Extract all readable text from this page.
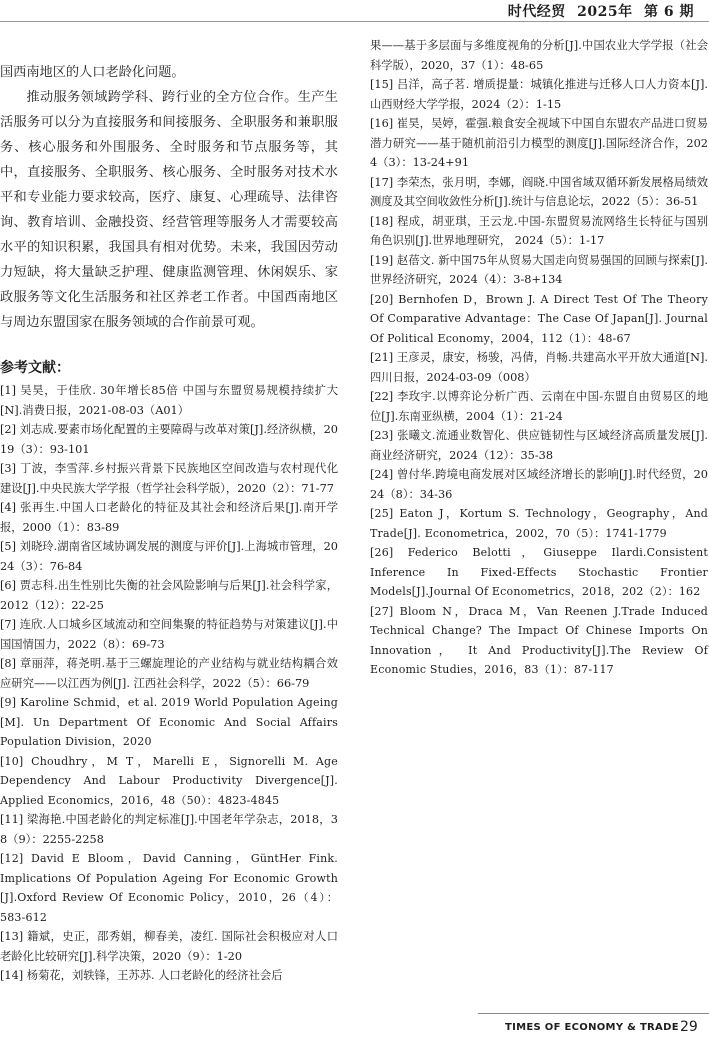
时代经贸 2025年 第 6 期

国西南地区的人口老龄化问题。

推动服务领域跨学科、跨行业的全方位合作。生产生活服务可以分为直接服务和间接服务、全职服务和兼职服务、核心服务和外围服务、全时服务和节点服务等，其中，直接服务、全职服务、核心服务、全时服务对技术水平和专业能力要求较高，医疗、康复、心理疏导、法律咨询、教育培训、金融投资、经营管理等服务人才需要较高水平的知识积累，我国具有相对优势。未来，我国因劳动力短缺，将大量缺乏护理、健康监测管理、休闲娱乐、家政服务等文化生活服务和社区养老工作者。中国西南地区与周边东盟国家在服务领域的合作前景可观。

参考文献：

[1] 吴昊，于佳欣. 30年增长85倍 中国与东盟贸易规模持续扩大[N].消费日报，2021-08-03（A01）

[2] 刘志成.要素市场化配置的主要障碍与改革对策[J].经济纵横，2019（3）：93-101

[3] 丁波，李雪萍.乡村振兴背景下民族地区空间改造与农村现代化建设[J].中央民族大学学报（哲学社会科学版），2020（2）：71-77

[4] 张再生.中国人口老龄化的特征及其社会和经济后果[J].南开学报，2000（1）：83-89

[5] 刘晓玲.湖南省区域协调发展的测度与评价[J].上海城市管理，2024（3）：76-84

[6] 贾志科.出生性别比失衡的社会风险影响与后果[J].社会科学家，2012（12）：22-25

[7] 连欣.人口城乡区域流动和空间集聚的特征趋势与对策建议[J].中国国情国力，2022（8）：69-73

[8] 章丽萍，蒋尧明.基于三螺旋理论的产业结构与就业结构耦合效应研究——以江西为例[J]. 江西社会科学，2022（5）：66-79

[9] Karoline Schmid，et al. 2019 World Population Ageing [M]. Un Department Of Economic And Social Affairs Population Division，2020

[10] Choudhry，M T，Marelli E，Signorelli M. Age Dependency And Labour Productivity Divergence[J]. Applied Economics，2016，48（50）：4823-4845

[11] 梁海艳.中国老龄化的判定标准[J].中国老年学杂志，2018，38（9）：2255-2258

[12] David E Bloom，David Canning，GüntHer Fink. Implications Of Population Ageing For Economic Growth [J].Oxford Review Of Economic Policy，2010，26（4）：583-612

[13] 籍斌，史正，邵秀娟，柳春美，凌红. 国际社会积极应对人口老龄化比较研究[J].科学决策，2020（9）：1-20

[14] 杨菊花，刘轶锋，王苏苏. 人口老龄化的经济社会后

果——基于多层面与多维度视角的分析[J].中国农业大学学报（社会科学版），2020，37（1）：48-65

[15] 吕洋，高子茗. 增质提量：城镇化推进与迁移人口人力资本[J].山西财经大学学报，2024（2）：1-15

[16] 崔昊，吴婷，霍强.粮食安全视域下中国自东盟农产品进口贸易潜力研究——基于随机前沿引力模型的测度[J].国际经济合作，2024（3）：13-24+91

[17] 李荣杰，张月明，李娜，阎晓.中国省域双循环新发展格局绩效测度及其空间收敛性分析[J].统计与信息论坛，2022（5）：36-51

[18] 程成，胡亚琪，王云龙.中国-东盟贸易流网络生长特征与国别角色识别[J].世界地理研究， 2024（5）：1-17

[19] 赵蓓文. 新中国75年从贸易大国走向贸易强国的回顾与探索[J]. 世界经济研究，2024（4）：3-8+134

[20] Bernhofen D，Brown J. A Direct Test Of The Theory Of Comparative Advantage：The Case Of Japan[J]. Journal Of Political Economy，2004，112（1）：48-67

[21] 王彦灵，康安，杨骏，冯倩，肖畅.共建高水平开放大通道[N].四川日报，2024-03-09（008）

[22] 李玫宇.以博弈论分析广西、云南在中国-东盟自由贸易区的地位[J].东南亚纵横，2004（1）：21-24

[23] 张曦文.流通业数智化、供应链韧性与区域经济高质量发展[J].商业经济研究，2024（12）：35-38

[24] 曾付华.跨境电商发展对区域经济增长的影响[J].时代经贸，2024（8）：34-36

[25] Eaton J，Kortum S. Technology，Geography，And Trade[J]. Econometrica，2002，70（5）：1741-1779

[26] Federico Belotti，Giuseppe Ilardi.Consistent Inference In Fixed-Effects Stochastic Frontier Models[J].Journal Of Econometrics，2018，202（2）：162

[27] Bloom N，Draca M，Van Reenen J.Trade Induced Technical Change? The Impact Of Chinese Imports On Innovation， It And Productivity[J].The Review Of Economic Studies，2016，83（1）：87-117

TIMES OF ECONOMY & TRADE 29
